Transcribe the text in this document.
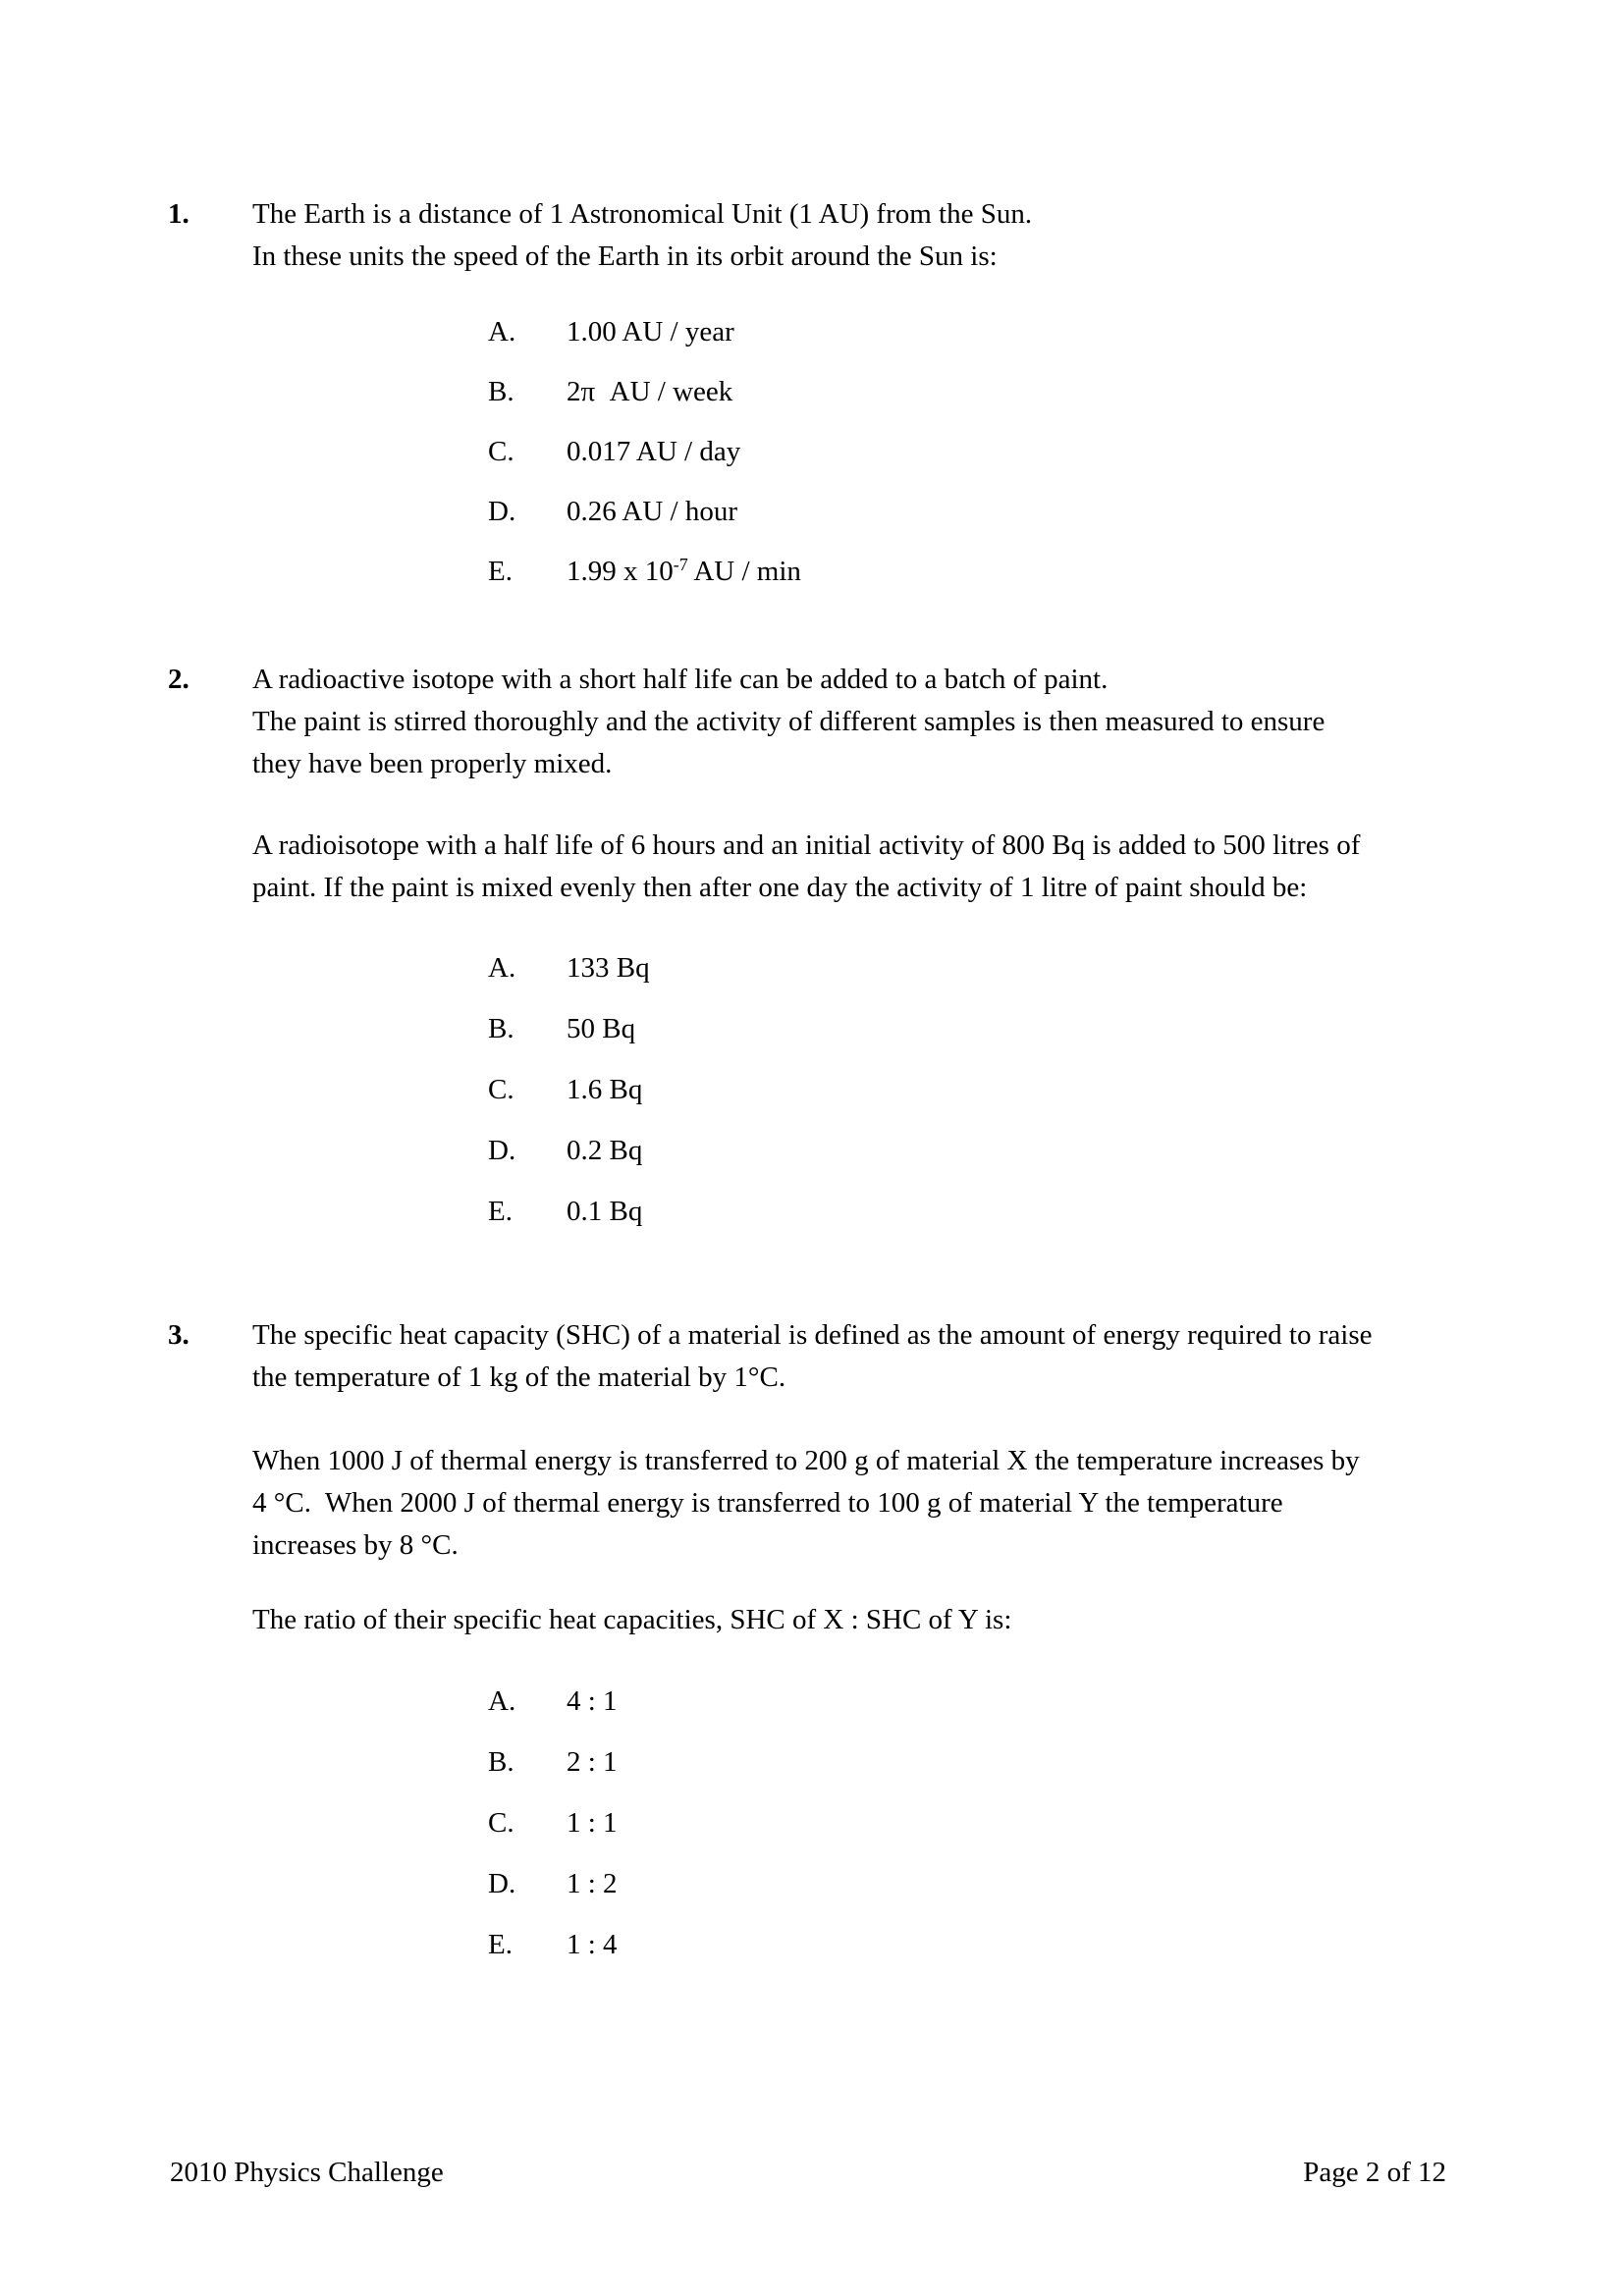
1. The Earth is a distance of 1 Astronomical Unit (1 AU) from the Sun.
In these units the speed of the Earth in its orbit around the Sun is:
A. 1.00 AU / year
B. 2π  AU / week
C. 0.017 AU / day
D. 0.26 AU / hour
E. 1.99 x $10^{-7}$ AU / min
2. A radioactive isotope with a short half life can be added to a batch of paint.
The paint is stirred thoroughly and the activity of different samples is then measured to ensure
they have been properly mixed.
A radioisotope with a half life of 6 hours and an initial activity of 800 Bq is added to 500 litres of
paint. If the paint is mixed evenly then after one day the activity of 1 litre of paint should be:
A. 133 Bq
B. 50 Bq
C. 1.6 Bq
D. 0.2 Bq
E. 0.1 Bq
3. The specific heat capacity (SHC) of a material is defined as the amount of energy required to raise
the temperature of 1 kg of the material by 1°C.
When 1000 J of thermal energy is transferred to 200 g of material X the temperature increases by
4 °C.  When 2000 J of thermal energy is transferred to 100 g of material Y the temperature
increases by 8 °C.
The ratio of their specific heat capacities, SHC of X : SHC of Y is:
A. 4 : 1
B. 2 : 1
C. 1 : 1
D. 1 : 2
E. 1 : 4
2010 Physics Challenge	Page 2 of 12
